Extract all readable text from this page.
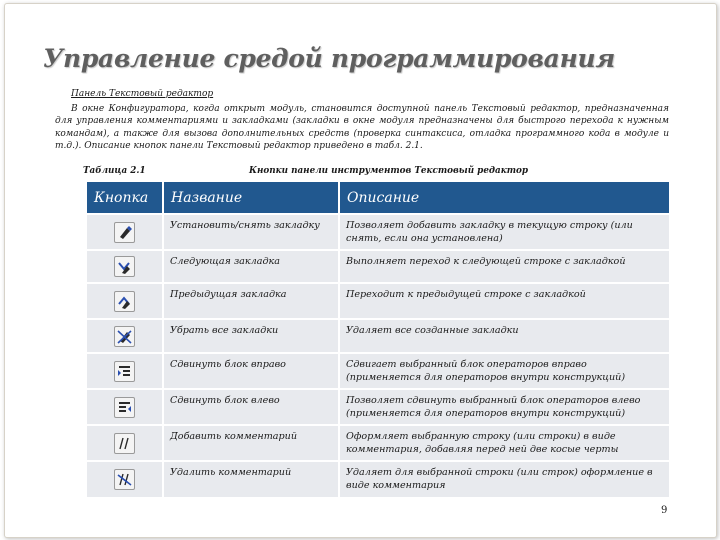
Управление средой программирования
Панель Текстовый редактор
В окне Конфигуратора, когда открыт модуль, становится доступной панель Текстовый редактор, предназначенная для управления комментариями и закладками (закладки в окне модуля предназначены для быстрого перехода к нужным командам), а также для вызова дополнительных средств (проверка синтаксиса, отладка программного кода в модуле и т.д.). Описание кнопок панели Текстовый редактор приведено в табл. 2.1.
Таблица 2.1	Кнопки панели инструментов Текстовый редактор
Кнопка	Название	Описание

	Установить/снять закладку	Позволяет добавить закладку в текущую строку (или снять, если она установлена)

	Следующая закладка	Выполняет переход к следующей строке с закладкой

	Предыдущая закладка	Переходит к предыдущей строке с закладкой

	Убрать все закладки	Удаляет все созданные закладки

	Сдвинуть блок вправо	Сдвигает выбранный блок операторов вправо (применяется для операторов внутри конструкций)

	Сдвинуть блок влево	Позволяет сдвинуть выбранный блок операторов влево (применяется для операторов внутри конструкций)

	Добавить комментарий	Оформляет выбранную строку (или строки) в виде комментария, добавляя перед ней две косые черты

	Удалить комментарий	Удаляет для выбранной строки (или строк) оформление в виде комментария
9
